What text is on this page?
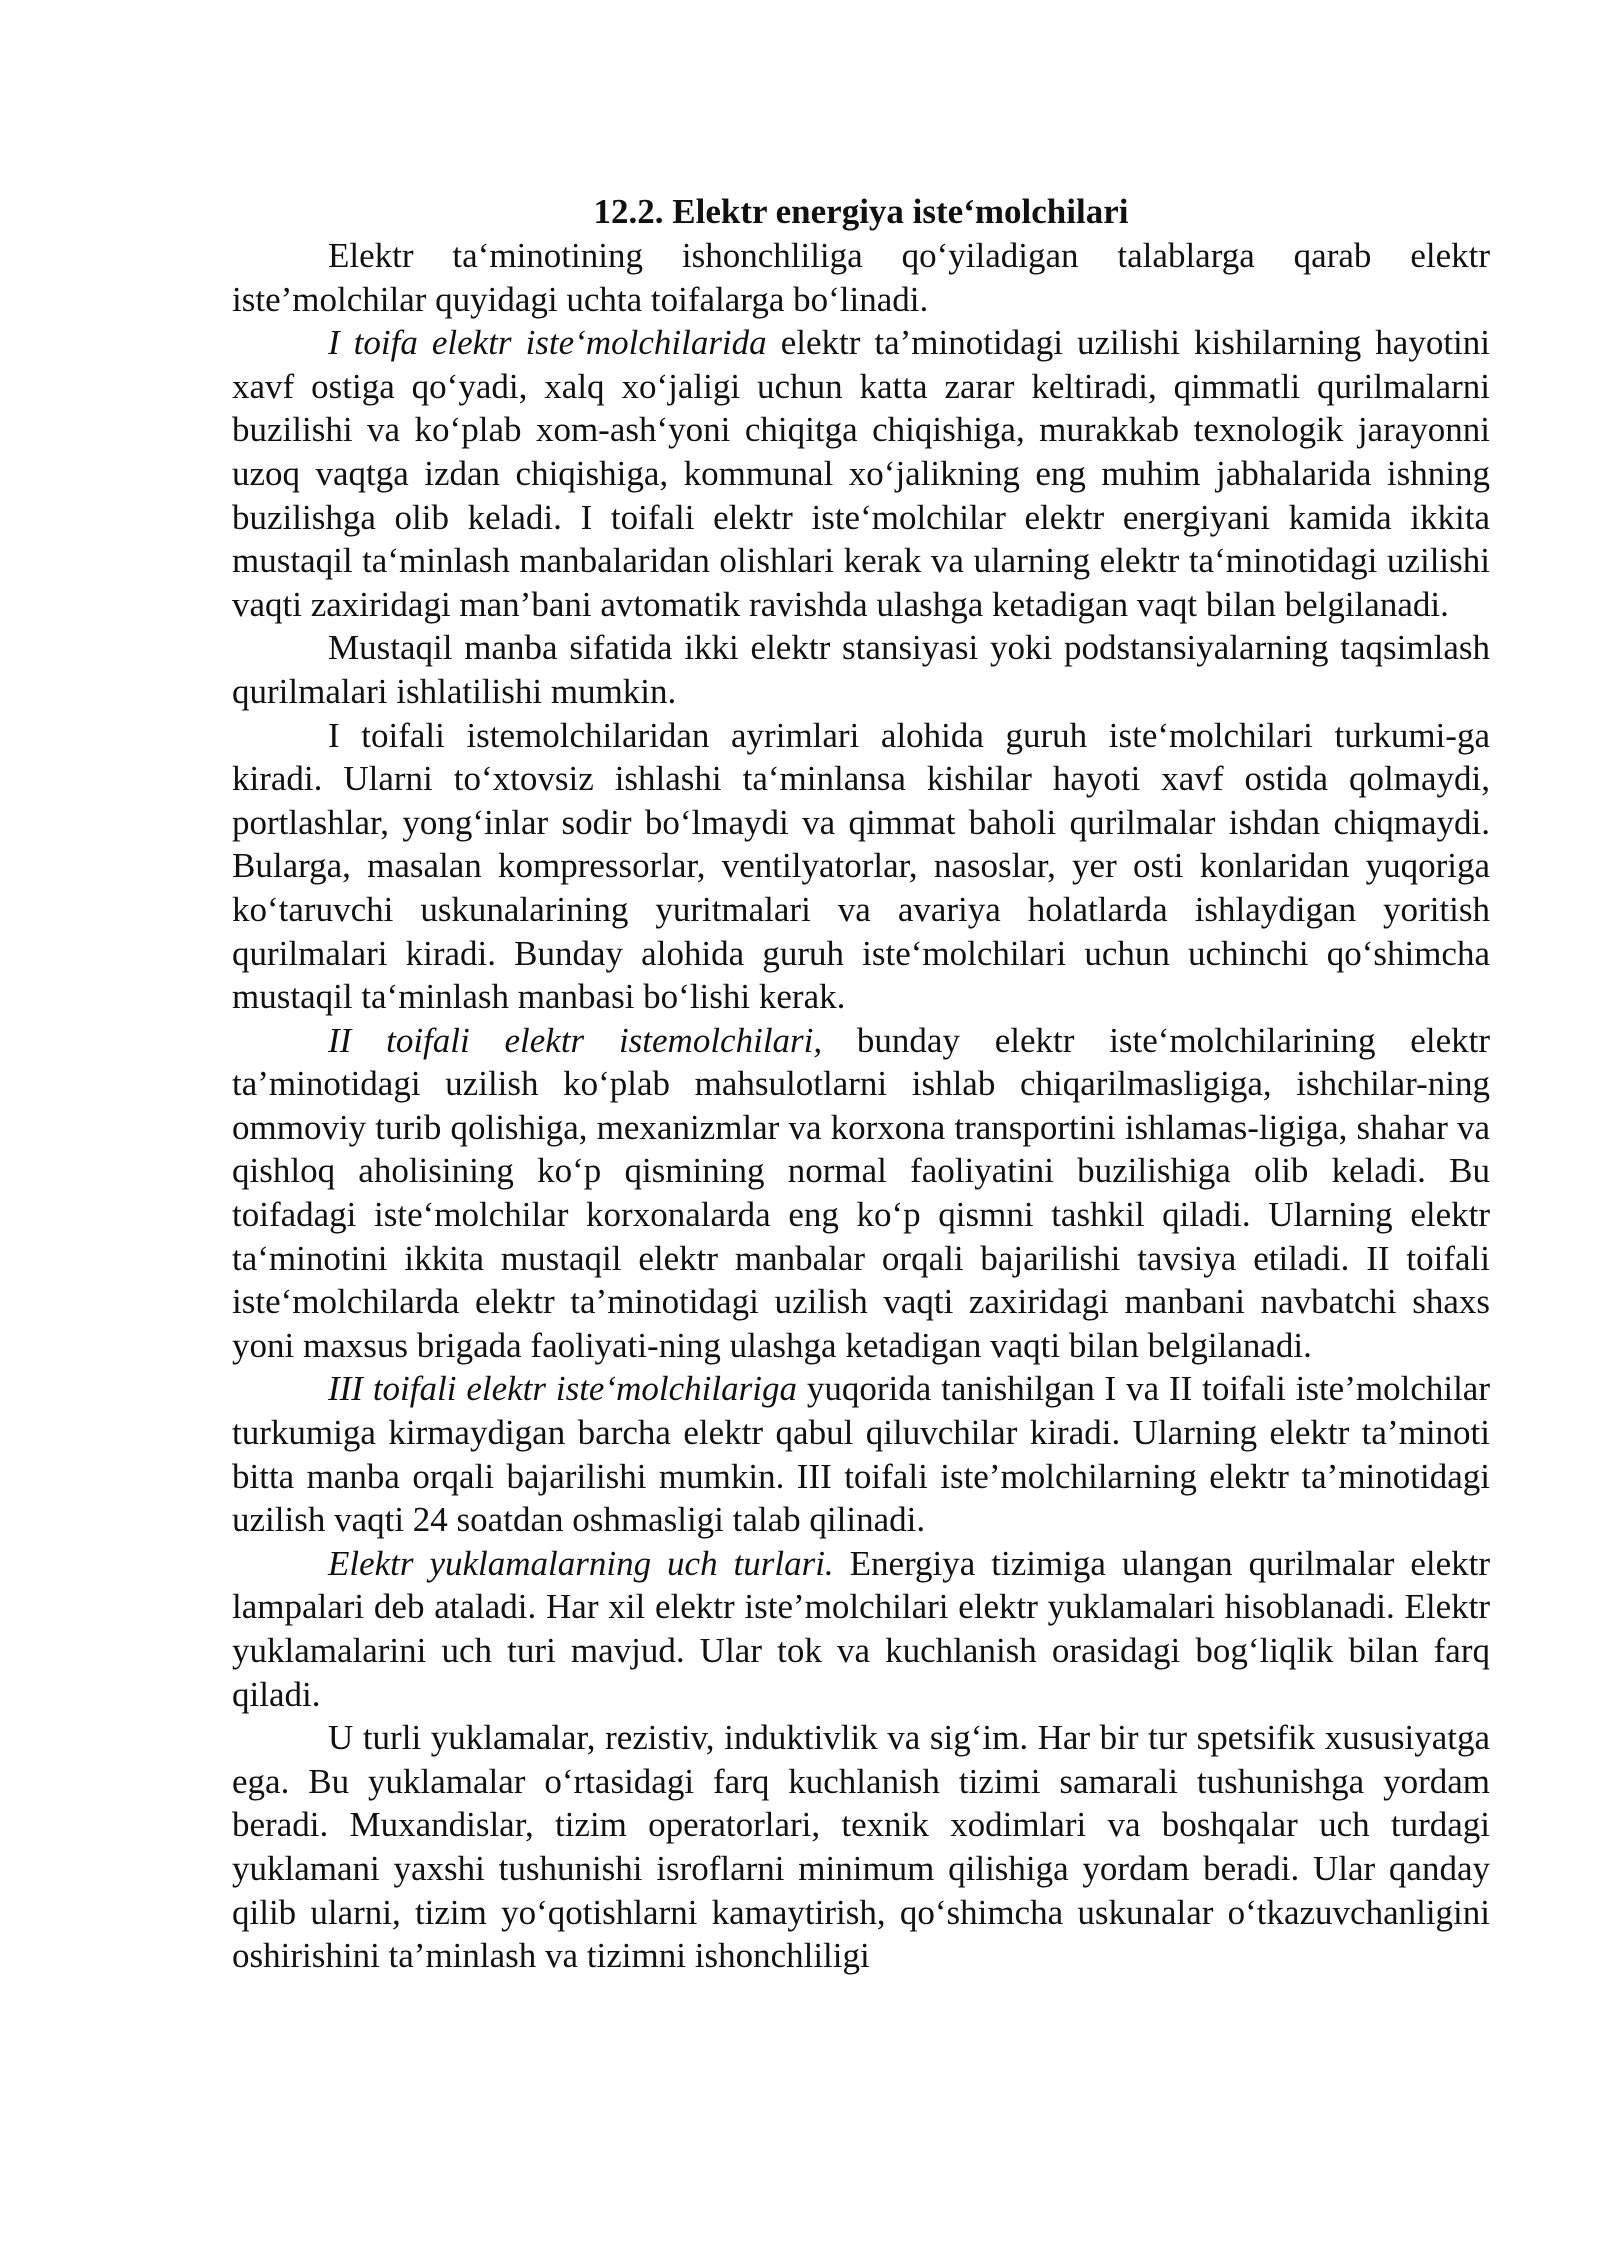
12.2. Elektr energiya iste‘molchilari

Elektr ta‘minotining ishonchliliga qo‘yiladigan talablarga qarab elektr iste’molchilar quyidagi uchta toifalarga bo‘linadi.

I toifa elektr iste‘molchilarida elektr ta’minotidagi uzilishi kishilarning hayotini xavf ostiga qo‘yadi, xalq xo‘jaligi uchun katta zarar keltiradi, qimmatli qurilmalarni buzilishi va ko‘plab xom-ash‘yoni chiqitga chiqishiga, murakkab texnologik jarayonni uzoq vaqtga izdan chiqishiga, kommunal xo‘jalikning eng muhim jabhalarida ishning buzilishga olib keladi. I toifali elektr iste‘molchilar elektr energiyani kamida ikkita mustaqil ta‘minlash manbalaridan olishlari kerak va ularning elektr ta‘minotidagi uzilishi vaqti zaxiridagi man’bani avtomatik ravishda ulashga ketadigan vaqt bilan belgilanadi.

Mustaqil manba sifatida ikki elektr stansiyasi yoki podstansiyalarning taqsimlash qurilmalari ishlatilishi mumkin.

I toifali istemolchilaridan ayrimlari alohida guruh iste‘molchilari turkumi-ga kiradi. Ularni to‘xtovsiz ishlashi ta‘minlansa kishilar hayoti xavf ostida qolmaydi, portlashlar, yong‘inlar sodir bo‘lmaydi va qimmat baholi qurilmalar ishdan chiqmaydi. Bularga, masalan kompressorlar, ventilyatorlar, nasoslar, yer osti konlaridan yuqoriga ko‘taruvchi uskunalarining yuritmalari va avariya holatlarda ishlaydigan yoritish qurilmalari kiradi. Bunday alohida guruh iste‘molchilari uchun uchinchi qo‘shimcha mustaqil ta‘minlash manbasi bo‘lishi kerak.

II toifali elektr istemolchilari, bunday elektr iste‘molchilarining elektr ta’minotidagi uzilish ko‘plab mahsulotlarni ishlab chiqarilmasligiga, ishchilar-ning ommoviy turib qolishiga, mexanizmlar va korxona transportini ishlamas-ligiga, shahar va qishloq aholisining ko‘p qismining normal faoliyatini buzilishiga olib keladi. Bu toifadagi iste‘molchilar korxonalarda eng ko‘p qismni tashkil qiladi. Ularning elektr ta‘minotini ikkita mustaqil elektr manbalar orqali bajarilishi tavsiya etiladi. II toifali iste‘molchilarda elektr ta’minotidagi uzilish vaqti zaxiridagi manbani navbatchi shaxs yoni maxsus brigada faoliyati-ning ulashga ketadigan vaqti bilan belgilanadi.

III toifali elektr iste‘molchilariga yuqorida tanishilgan I va II toifali iste’molchilar turkumiga kirmaydigan barcha elektr qabul qiluvchilar kiradi. Ularning elektr ta’minoti bitta manba orqali bajarilishi mumkin. III toifali iste’molchilarning elektr ta’minotidagi uzilish vaqti 24 soatdan oshmasligi talab qilinadi.

Elektr yuklamalarning uch turlari. Energiya tizimiga ulangan qurilmalar elektr lampalari deb ataladi. Har xil elektr iste’molchilari elektr yuklamalari hisoblanadi. Elektr yuklamalarini uch turi mavjud. Ular tok va kuchlanish orasidagi bog‘liqlik bilan farq qiladi.

U turli yuklamalar, rezistiv, induktivlik va sig‘im. Har bir tur spetsifik xususiyatga ega. Bu yuklamalar o‘rtasidagi farq kuchlanish tizimi samarali tushunishga yordam beradi. Muxandislar, tizim operatorlari, texnik xodimlari va boshqalar uch turdagi yuklamani yaxshi tushunishi isroflarni minimum qilishiga yordam beradi. Ular qanday qilib ularni, tizim yo‘qotishlarni kamaytirish, qo‘shimcha uskunalar o‘tkazuvchanligini oshirishini ta’minlash va tizimni ishonchliligi
